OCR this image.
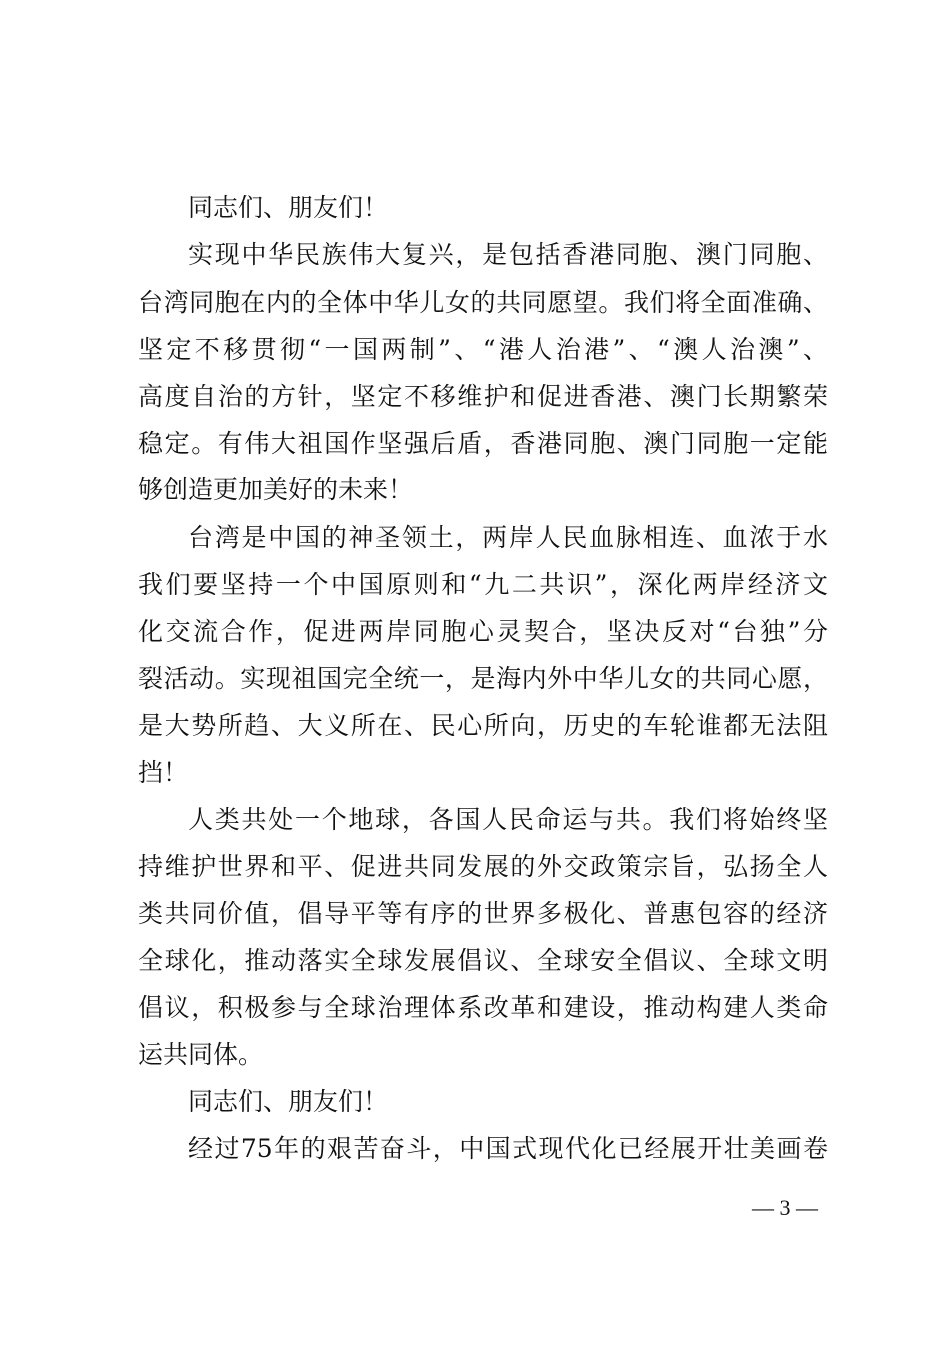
同志们、朋友们！
实现中华民族伟大复兴，是包括香港同胞、澳门同胞、
台湾同胞在内的全体中华儿女的共同愿望。我们将全面准确、
坚定不移贯彻“一国两制”、“港人治港”、“澳人治澳”、
高度自治的方针，坚定不移维护和促进香港、澳门长期繁荣
稳定。有伟大祖国作坚强后盾，香港同胞、澳门同胞一定能
够创造更加美好的未来！
台湾是中国的神圣领土，两岸人民血脉相连、血浓于水
我们要坚持一个中国原则和“九二共识”，深化两岸经济文
化交流合作，促进两岸同胞心灵契合，坚决反对“台独”分
裂活动。实现祖国完全统一，是海内外中华儿女的共同心愿，
是大势所趋、大义所在、民心所向，历史的车轮谁都无法阻
挡！
人类共处一个地球，各国人民命运与共。我们将始终坚
持维护世界和平、促进共同发展的外交政策宗旨，弘扬全人
类共同价值，倡导平等有序的世界多极化、普惠包容的经济
全球化，推动落实全球发展倡议、全球安全倡议、全球文明
倡议，积极参与全球治理体系改革和建设，推动构建人类命
运共同体。
同志们、朋友们！
经过75年的艰苦奋斗，中国式现代化已经展开壮美画卷
— 3 —
